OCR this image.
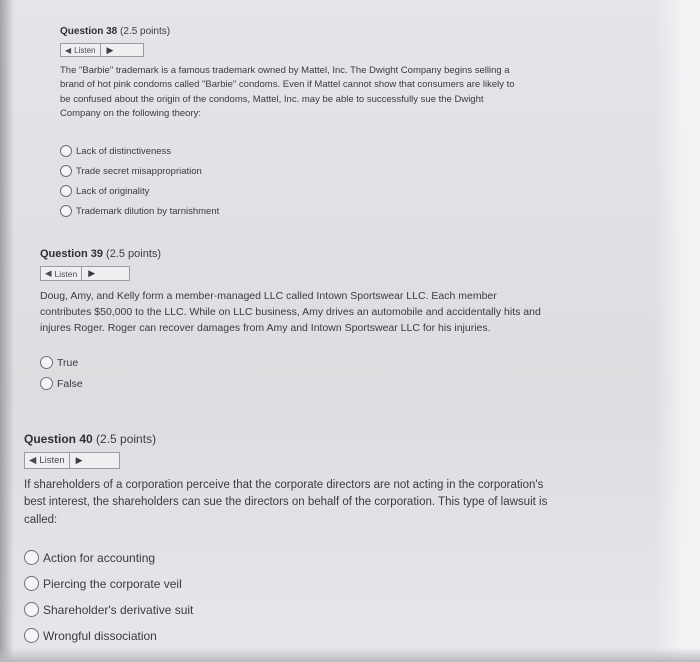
Question 38 (2.5 points)
◀ Listen	▶
The "Barbie" trademark is a famous trademark owned by Mattel, Inc. The Dwight Company begins selling a brand of hot pink condoms called "Barbie" condoms. Even if Mattel cannot show that consumers are likely to be confused about the origin of the condoms, Mattel, Inc. may be able to successfully sue the Dwight Company on the following theory:
Lack of distinctiveness
Trade secret misappropriation
Lack of originality
Trademark dilution by tarnishment
Question 39 (2.5 points)
◀ Listen	▶
Doug, Amy, and Kelly form a member-managed LLC called Intown Sportswear LLC. Each member contributes $50,000 to the LLC. While on LLC business, Amy drives an automobile and accidentally hits and injures Roger. Roger can recover damages from Amy and Intown Sportswear LLC for his injuries.
True
False
Question 40 (2.5 points)
◀ Listen	▶
If shareholders of a corporation perceive that the corporate directors are not acting in the corporation's best interest, the shareholders can sue the directors on behalf of the corporation. This type of lawsuit is called:
Action for accounting
Piercing the corporate veil
Shareholder's derivative suit
Wrongful dissociation
